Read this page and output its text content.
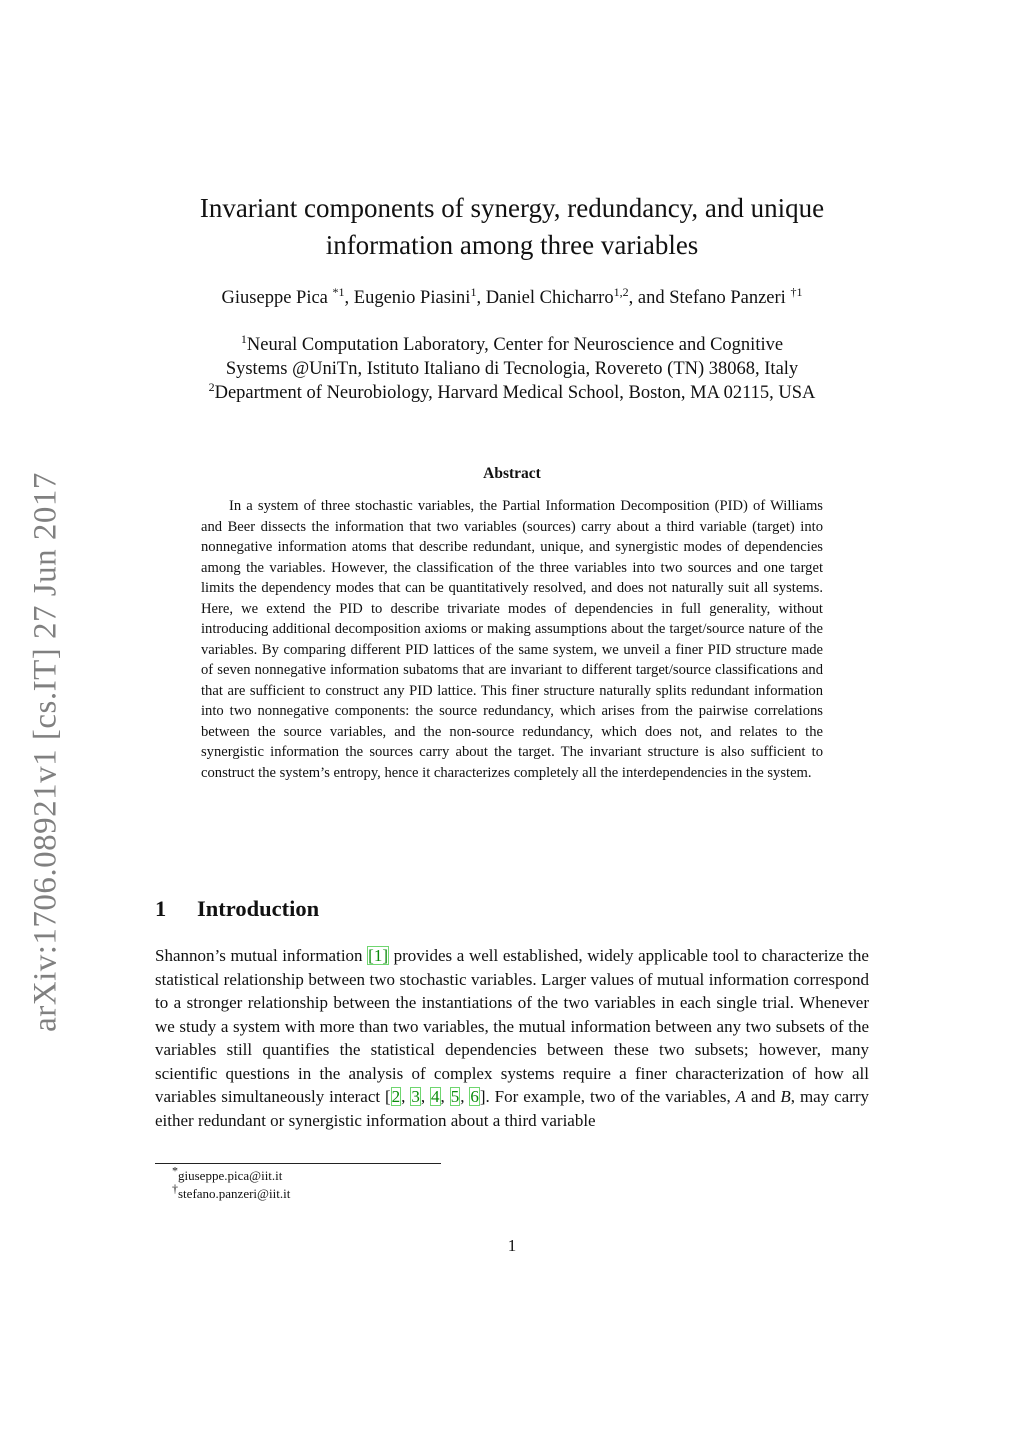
arXiv:1706.08921v1 [cs.IT] 27 Jun 2017
Invariant components of synergy, redundancy, and unique
information among three variables
Giuseppe Pica $^{*1}$, Eugenio Piasini$^1$, Daniel Chicharro$^{1,2}$, and Stefano Panzeri $^{\dagger 1}$
$^1$Neural Computation Laboratory, Center for Neuroscience and Cognitive
Systems @UniTn, Istituto Italiano di Tecnologia, Rovereto (TN) 38068, Italy
$^2$Department of Neurobiology, Harvard Medical School, Boston, MA 02115, USA
Abstract
In a system of three stochastic variables, the Partial Information Decomposition (PID) of Williams and Beer dissects the information that two variables (sources) carry about a third variable (target) into nonnegative information atoms that describe redundant, unique, and synergistic modes of dependencies among the variables. However, the classification of the three variables into two sources and one target limits the dependency modes that can be quantitatively resolved, and does not naturally suit all systems. Here, we extend the PID to describe trivariate modes of dependencies in full generality, without introducing additional decomposition axioms or making assumptions about the target/source nature of the variables. By comparing different PID lattices of the same system, we unveil a finer PID structure made of seven nonnegative information subatoms that are invariant to different target/source classifications and that are sufficient to construct any PID lattice. This finer structure naturally splits redundant information into two nonnegative components: the source redundancy, which arises from the pairwise correlations between the source variables, and the non-source redundancy, which does not, and relates to the synergistic information the sources carry about the target. The invariant structure is also sufficient to construct the system’s entropy, hence it characterizes completely all the interdependencies in the system.
1 Introduction
Shannon’s mutual information [1] provides a well established, widely applicable tool to characterize the statistical relationship between two stochastic variables. Larger values of mutual information correspond to a stronger relationship between the instantiations of the two variables in each single trial. Whenever we study a system with more than two variables, the mutual information between any two subsets of the variables still quantifies the statistical dependencies between these two subsets; however, many scientific questions in the analysis of complex systems require a finer characterization of how all variables simultaneously interact [2, 3, 4, 5, 6]. For example, two of the variables, A and B, may carry either redundant or synergistic information about a third variable
*giuseppe.pica@iit.it
†stefano.panzeri@iit.it
1
